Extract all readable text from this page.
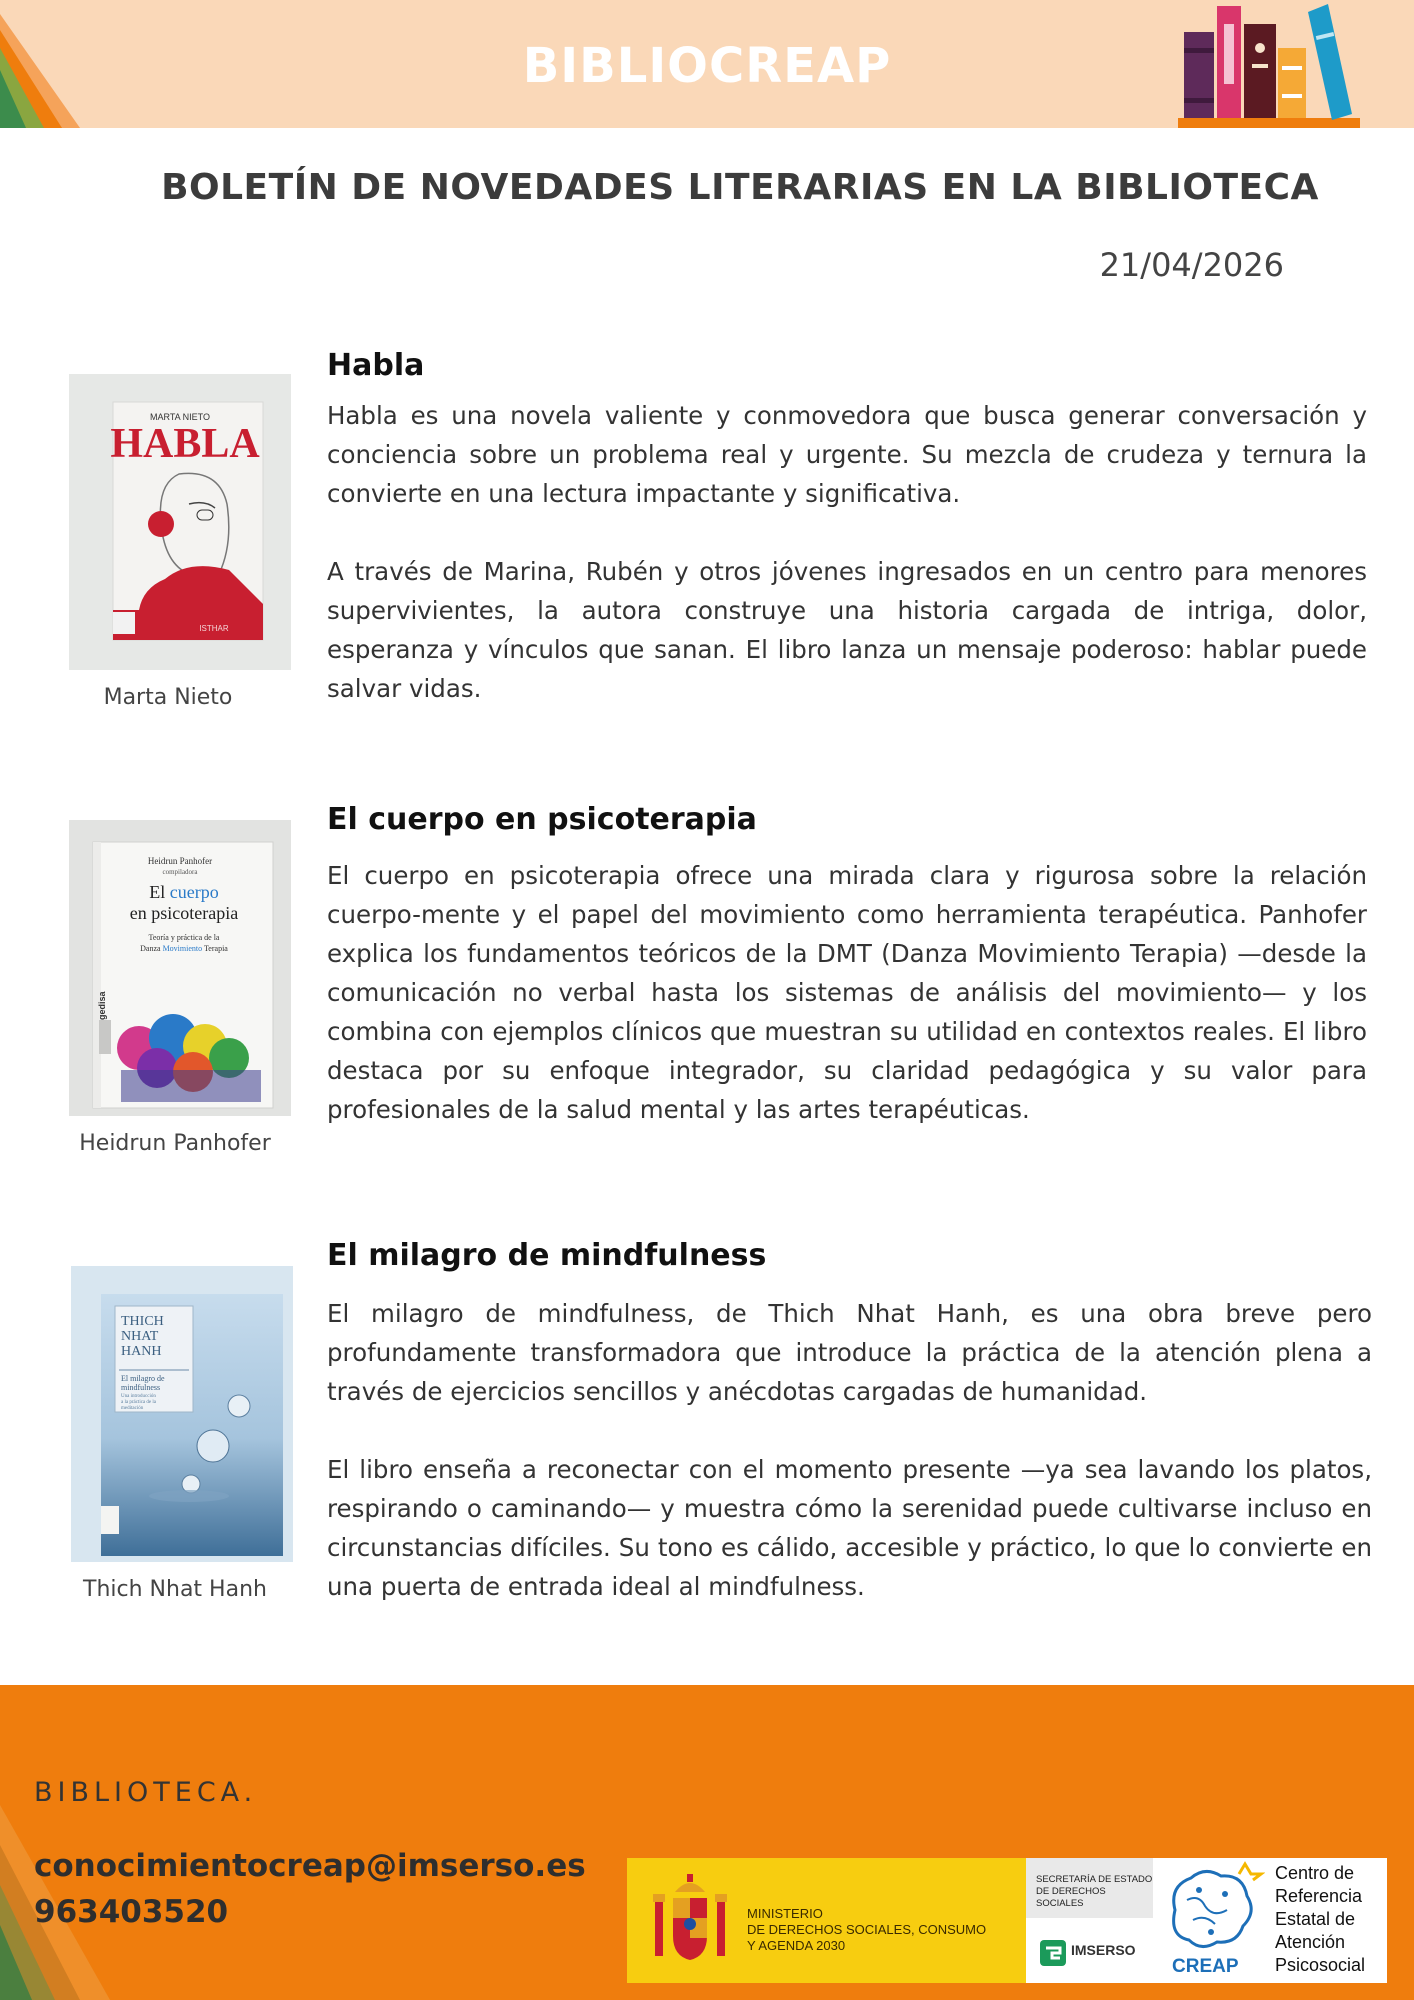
BIBLIOCREAP
BOLETÍN DE NOVEDADES LITERARIAS EN LA BIBLIOTECA
21/04/2026
MARTA NIETO
HABLA
ISTHAR
Marta Nieto
Habla

Habla es una novela valiente y conmovedora que busca generar conversación y conciencia sobre un problema real y urgente. Su mezcla de crudeza y ternura la convierte en una lectura impactante y significativa.

A través de Marina, Rubén y otros jóvenes ingresados en un centro para menores supervivientes, la autora construye una historia cargada de intriga, dolor, esperanza y vínculos que sanan. El libro lanza un mensaje poderoso: hablar puede salvar vidas.

Heidrun Panhofer
compiladora
El cuerpo
en psicoterapia
Teoría y práctica de la
Danza Movimiento Terapia
gedisa
Heidrun Panhofer
El cuerpo en psicoterapia

El cuerpo en psicoterapia ofrece una mirada clara y rigurosa sobre la relación cuerpo-mente y el papel del movimiento como herramienta terapéutica. Panhofer explica los fundamentos teóricos de la DMT (Danza Movimiento Terapia) —desde la comunicación no verbal hasta los sistemas de análisis del movimiento— y los combina con ejemplos clínicos que muestran su utilidad en contextos reales. El libro destaca por su enfoque integrador, su claridad pedagógica y su valor para profesionales de la salud mental y las artes terapéuticas.

THICH
NHAT
HANH
El milagro de
mindfulness
Una introducción
a la práctica de la
meditación
Thich Nhat Hanh
El milagro de mindfulness

El milagro de mindfulness, de Thich Nhat Hanh, es una obra breve pero profundamente transformadora que introduce la práctica de la atención plena a través de ejercicios sencillos y anécdotas cargadas de humanidad.

El libro enseña a reconectar con el momento presente —ya sea lavando los platos, respirando o caminando— y muestra cómo la serenidad puede cultivarse incluso en circunstancias difíciles. Su tono es cálido, accesible y práctico, lo que lo convierte en una puerta de entrada ideal al mindfulness.

BIBLIOTECA.
conocimientocreap@imserso.es
963403520	MINISTERIO
DE DERECHOS SOCIALES, CONSUMO
Y AGENDA 2030
SECRETARÍA DE ESTADO
DE DERECHOS SOCIALES
IMSERSO
CREAP
Centro de
Referencia
Estatal de
Atención
Psicosocial
